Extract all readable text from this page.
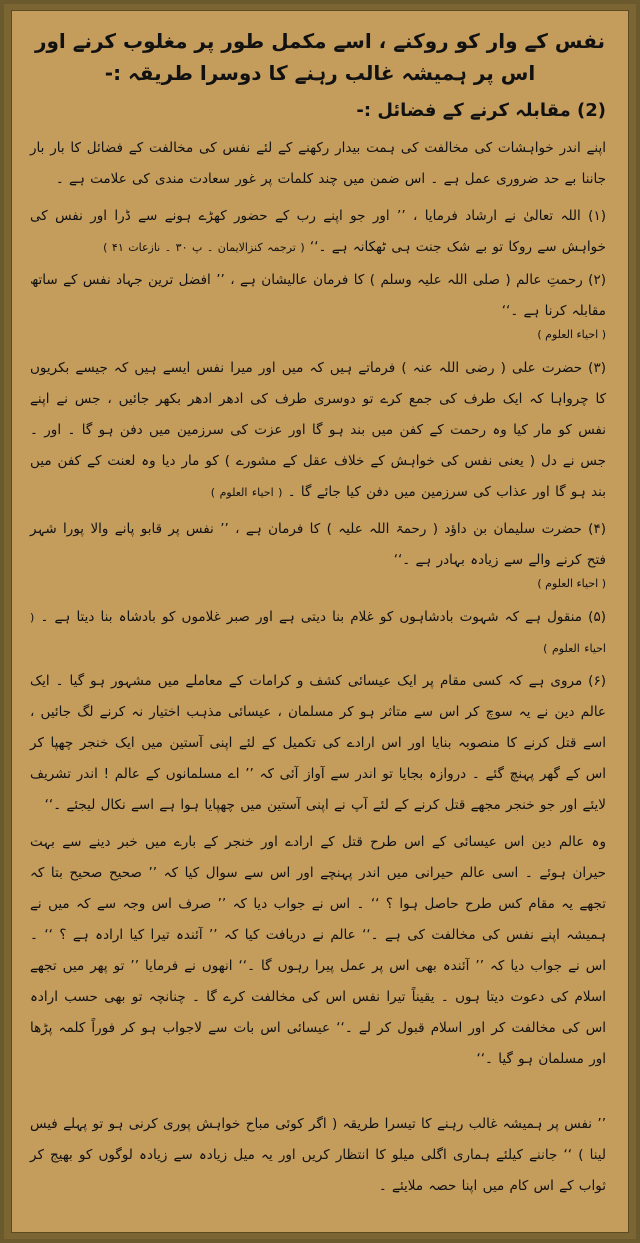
نفس کے وار کو روکنے ، اسے مکمل طور پر مغلوب کرنے اور اس پر ہمیشہ غالب رہنے کا دوسرا طریقہ :-
(2) مقابلہ کرنے کے فضائل :-

اپنے اندر خواہشات کی مخالفت کی ہمت بیدار رکھنے کے لئے نفس کی مخالفت کے فضائل کا بار بار جاننا بے حد ضروری عمل ہے ۔ اس ضمن میں چند کلمات پر غور سعادت مندی کی علامت ہے ۔

(۱) اللہ تعالیٰ نے ارشاد فرمایا ، ’’ اور جو اپنے رب کے حضور کھڑے ہونے سے ڈرا اور نفس کی خواہش سے روکا تو بے شک جنت ہی ٹھکانہ ہے ۔‘‘ ( ترجمہ کنزالایمان ۔ پ ۳۰ ۔ نازعات ۴۱ )

(۲) رحمتِ عالم ( صلی اللہ علیہ وسلم ) کا فرمان عالیشان ہے ، ’’ افضل ترین جہاد نفس کے ساتھ مقابلہ کرنا ہے ۔‘‘

( احیاء العلوم )

(۳) حضرت علی ( رضی اللہ عنہ ) فرماتے ہیں کہ میں اور میرا نفس ایسے ہیں کہ جیسے بکریوں کا چرواہا کہ ایک طرف کی جمع کرے تو دوسری طرف کی ادھر ادھر بکھر جائیں ، جس نے اپنے نفس کو مار کیا وہ رحمت کے کفن میں بند ہو گا اور عزت کی سرزمین میں دفن ہو گا ۔ اور ۔ جس نے دل ( یعنی نفس کی خواہش کے خلاف عقل کے مشورے ) کو مار دیا وہ لعنت کے کفن میں بند ہو گا اور عذاب کی سرزمین میں دفن کیا جائے گا ۔ ( احیاء العلوم )

(۴) حضرت سلیمان بن داؤد ( رحمۃ اللہ علیہ ) کا فرمان ہے ، ’’ نفس پر قابو پانے والا پورا شہر فتح کرنے والے سے زیادہ بہادر ہے ۔‘‘

( احیاء العلوم )

(۵) منقول ہے کہ شہوت بادشاہوں کو غلام بنا دیتی ہے اور صبر غلاموں کو بادشاہ بنا دیتا ہے ۔ ( احیاء العلوم )

(۶) مروی ہے کہ کسی مقام پر ایک عیسائی کشف و کرامات کے معاملے میں مشہور ہو گیا ۔ ایک عالم دین نے یہ سوچ کر اس سے متاثر ہو کر مسلمان ، عیسائی مذہب اختیار نہ کرنے لگ جائیں ، اسے قتل کرنے کا منصوبہ بنایا اور اس ارادے کی تکمیل کے لئے اپنی آستین میں ایک خنجر چھپا کر اس کے گھر پہنچ گئے ۔ دروازہ بجایا تو اندر سے آواز آئی کہ ’’ اے مسلمانوں کے عالم ! اندر تشریف لایئے اور جو خنجر مجھے قتل کرنے کے لئے آپ نے اپنی آستین میں چھپایا ہوا ہے اسے نکال لیجئے ۔‘‘

وہ عالم دین اس عیسائی کے اس طرح قتل کے ارادے اور خنجر کے بارے میں خبر دینے سے بہت حیران ہوئے ۔ اسی عالم حیرانی میں اندر پہنچے اور اس سے سوال کیا کہ ’’ صحیح صحیح بتا کہ تجھے یہ مقام کس طرح حاصل ہوا ؟ ‘‘ ۔ اس نے جواب دیا کہ ’’ صرف اس وجہ سے کہ میں نے ہمیشہ اپنے نفس کی مخالفت کی ہے ۔‘‘ عالم نے دریافت کیا کہ ’’ آئندہ تیرا کیا ارادہ ہے ؟ ‘‘ ۔ اس نے جواب دیا کہ ’’ آئندہ بھی اس پر عمل پیرا رہوں گا ۔‘‘ انھوں نے فرمایا ’’ تو پھر میں تجھے اسلام کی دعوت دیتا ہوں ۔ یقیناً تیرا نفس اس کی مخالفت کرے گا ۔ چنانچہ تو بھی حسب ارادہ اس کی مخالفت کر اور اسلام قبول کر لے ۔‘‘ عیسائی اس بات سے لاجواب ہو کر فوراً کلمہ پڑھا اور مسلمان ہو گیا ۔‘‘

’’ نفس پر ہمیشہ غالب رہنے کا تیسرا طریقہ ( اگر کوئی مباح خواہش پوری کرنی ہو تو پہلے فیس لینا ) ‘‘ جاننے کیلئے ہماری اگلی میلو کا انتظار کریں اور یہ میل زیادہ سے زیادہ لوگوں کو بھیج کر ثواب کے اس کام میں اپنا حصہ ملایئے ۔
